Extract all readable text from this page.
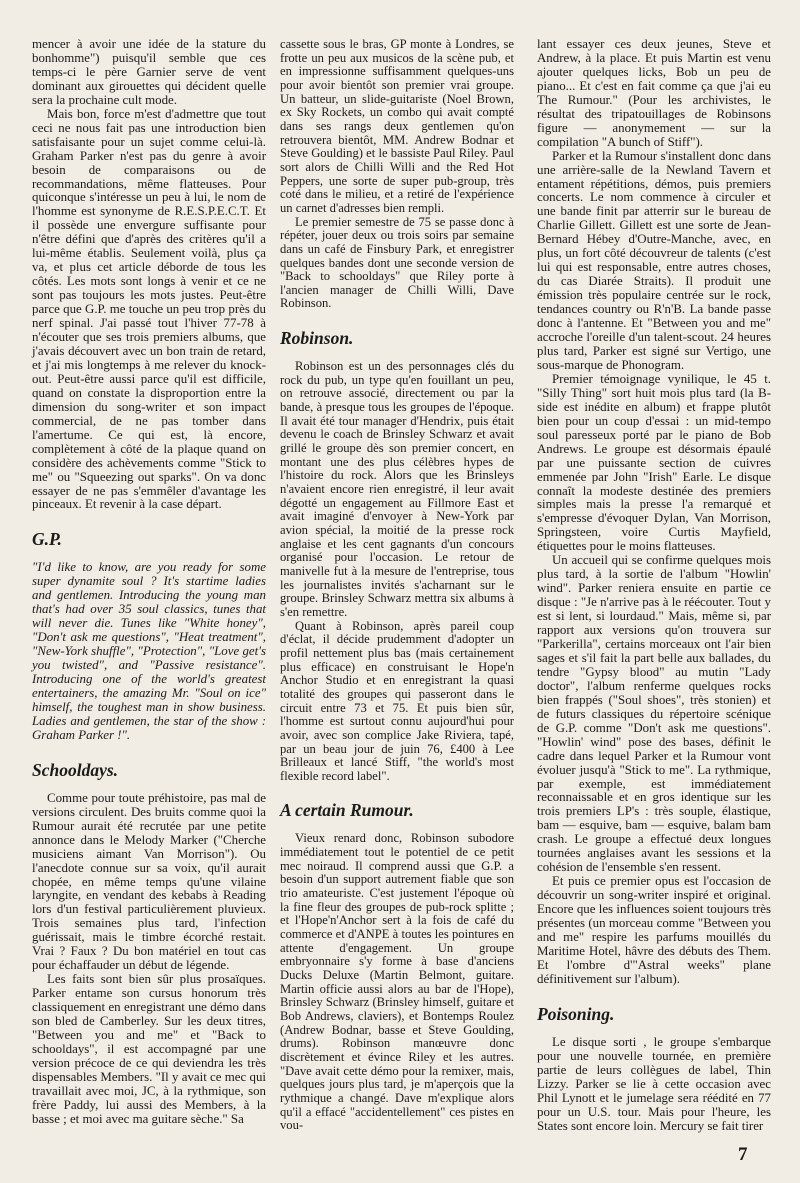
mencer à avoir une idée de la stature du bonhomme") puisqu'il semble que ces temps-ci le père Garnier serve de vent dominant aux girouettes qui décident quelle sera la prochaine cult mode.

Mais bon, force m'est d'admettre que tout ceci ne nous fait pas une introduction bien satisfaisante pour un sujet comme celui-là. Graham Parker n'est pas du genre à avoir besoin de comparaisons ou de recommandations, même flatteuses. Pour quiconque s'intéresse un peu à lui, le nom de l'homme est synonyme de R.E.S.P.E.C.T. Et il possède une envergure suffisante pour n'être défini que d'après des critères qu'il a lui-même établis. Seulement voilà, plus ça va, et plus cet article déborde de tous les côtés. Les mots sont longs à venir et ce ne sont pas toujours les mots justes. Peut-être parce que G.P. me touche un peu trop près du nerf spinal. J'ai passé tout l'hiver 77-78 à n'écouter que ses trois premiers albums, que j'avais découvert avec un bon train de retard, et j'ai mis longtemps à me relever du knock-out. Peut-être aussi parce qu'il est difficile, quand on constate la disproportion entre la dimension du song-writer et son impact commercial, de ne pas tomber dans l'amertume. Ce qui est, là encore, complètement à côté de la plaque quand on considère des achèvements comme "Stick to me" ou "Squeezing out sparks". On va donc essayer de ne pas s'emmêler d'avantage les pinceaux. Et revenir à la case départ.

G.P.

"I'd like to know, are you ready for some super dynamite soul ? It's startime ladies and gentlemen. Introducing the young man that's had over 35 soul classics, tunes that will never die. Tunes like "White honey", "Don't ask me questions", "Heat treatment", "New-York shuffle", "Protection", "Love get's you twisted", and "Passive resistance". Introducing one of the world's greatest entertainers, the amazing Mr. "Soul on ice" himself, the toughest man in show business. Ladies and gentlemen, the star of the show : Graham Parker !".

Schooldays.

Comme pour toute préhistoire, pas mal de versions circulent. Des bruits comme quoi la Rumour aurait été recrutée par une petite annonce dans le Melody Marker ("Cherche musiciens aimant Van Morrison"). Ou l'anecdote connue sur sa voix, qu'il aurait chopée, en même temps qu'une vilaine laryngite, en vendant des kebabs à Reading lors d'un festival particulièrement pluvieux. Trois semaines plus tard, l'infection guérissait, mais le timbre écorché restait. Vrai ? Faux ? Du bon matériel en tout cas pour échaffauder un début de légende.

Les faits sont bien sûr plus prosaïques. Parker entame son cursus honorum très classiquement en enregistrant une démo dans son bled de Camberley. Sur les deux titres, "Between you and me" et "Back to schooldays", il est accompagné par une version précoce de ce qui deviendra les très dispensables Members. "Il y avait ce mec qui travaillait avec moi, JC, à la rythmique, son frère Paddy, lui aussi des Members, à la basse ; et moi avec ma guitare sèche." Sa

cassette sous le bras, GP monte à Londres, se frotte un peu aux musicos de la scène pub, et en impressionne suffisamment quelques-uns pour avoir bientôt son premier vrai groupe. Un batteur, un slide-guitariste (Noel Brown, ex Sky Rockets, un combo qui avait compté dans ses rangs deux gentlemen qu'on retrouvera bientôt, MM. Andrew Bodnar et Steve Goulding) et le bassiste Paul Riley. Paul sort alors de Chilli Willi and the Red Hot Peppers, une sorte de super pub-group, très coté dans le milieu, et a retiré de l'expérience un carnet d'adresses bien rempli.

Le premier semestre de 75 se passe donc à répéter, jouer deux ou trois soirs par semaine dans un café de Finsbury Park, et enregistrer quelques bandes dont une seconde version de "Back to schooldays" que Riley porte à l'ancien manager de Chilli Willi, Dave Robinson.

Robinson.

Robinson est un des personnages clés du rock du pub, un type qu'en fouillant un peu, on retrouve associé, directement ou par la bande, à presque tous les groupes de l'époque. Il avait été tour manager d'Hendrix, puis était devenu le coach de Brinsley Schwarz et avait grillé le groupe dès son premier concert, en montant une des plus célèbres hypes de l'histoire du rock. Alors que les Brinsleys n'avaient encore rien enregistré, il leur avait dégotté un engagement au Fillmore East et avait imaginé d'envoyer à New-York par avion spécial, la moitié de la presse rock anglaise et les cent gagnants d'un concours organisé pour l'occasion. Le retour de manivelle fut à la mesure de l'entreprise, tous les journalistes invités s'acharnant sur le groupe. Brinsley Schwarz mettra six albums à s'en remettre.

Quant à Robinson, après pareil coup d'éclat, il décide prudemment d'adopter un profil nettement plus bas (mais certainement plus efficace) en construisant le Hope'n Anchor Studio et en enregistrant la quasi totalité des groupes qui passeront dans le circuit entre 73 et 75. Et puis bien sûr, l'homme est surtout connu aujourd'hui pour avoir, avec son complice Jake Riviera, tapé, par un beau jour de juin 76, £400 à Lee Brilleaux et lancé Stiff, "the world's most flexible record label".

A certain Rumour.

Vieux renard donc, Robinson subodore immédiatement tout le potentiel de ce petit mec noiraud. Il comprend aussi que G.P. a besoin d'un support autrement fiable que son trio amateuriste. C'est justement l'époque où la fine fleur des groupes de pub-rock splitte ; et l'Hope'n'Anchor sert à la fois de café du commerce et d'ANPE à toutes les pointures en attente d'engagement. Un groupe embryonnaire s'y forme à base d'anciens Ducks Deluxe (Martin Belmont, guitare. Martin officie aussi alors au bar de l'Hope), Brinsley Schwarz (Brinsley himself, guitare et Bob Andrews, claviers), et Bontemps Roulez (Andrew Bodnar, basse et Steve Goulding, drums). Robinson manœuvre donc discrètement et évince Riley et les autres. "Dave avait cette démo pour la remixer, mais, quelques jours plus tard, je m'aperçois que la rythmique a changé. Dave m'explique alors qu'il a effacé "accidentellement" ces pistes en vou-

lant essayer ces deux jeunes, Steve et Andrew, à la place. Et puis Martin est venu ajouter quelques licks, Bob un peu de piano... Et c'est en fait comme ça que j'ai eu The Rumour." (Pour les archivistes, le résultat des tripatouillages de Robinsons figure — anonymement — sur la compilation "A bunch of Stiff").

Parker et la Rumour s'installent donc dans une arrière-salle de la Newland Tavern et entament répétitions, démos, puis premiers concerts. Le nom commence à circuler et une bande finit par atterrir sur le bureau de Charlie Gillett. Gillett est une sorte de Jean-Bernard Hébey d'Outre-Manche, avec, en plus, un fort côté découvreur de talents (c'est lui qui est responsable, entre autres choses, du cas Diarée Straits). Il produit une émission très populaire centrée sur le rock, tendances country ou R'n'B. La bande passe donc à l'antenne. Et "Between you and me" accroche l'oreille d'un talent-scout. 24 heures plus tard, Parker est signé sur Vertigo, une sous-marque de Phonogram.

Premier témoignage vynilique, le 45 t. "Silly Thing" sort huit mois plus tard (la B-side est inédite en album) et frappe plutôt bien pour un coup d'essai : un mid-tempo soul paresseux porté par le piano de Bob Andrews. Le groupe est désormais épaulé par une puissante section de cuivres emmenée par John "Irish" Earle. Le disque connaît la modeste destinée des premiers simples mais la presse l'a remarqué et s'empresse d'évoquer Dylan, Van Morrison, Springsteen, voire Curtis Mayfield, étiquettes pour le moins flatteuses.

Un accueil qui se confirme quelques mois plus tard, à la sortie de l'album "Howlin' wind". Parker reniera ensuite en partie ce disque : "Je n'arrive pas à le réécouter. Tout y est si lent, si lourdaud." Mais, même si, par rapport aux versions qu'on trouvera sur "Parkerilla", certains morceaux ont l'air bien sages et s'il fait la part belle aux ballades, du tendre "Gypsy blood" au mutin "Lady doctor", l'album renferme quelques rocks bien frappés ("Soul shoes", très stonien) et de futurs classiques du répertoire scénique de G.P. comme "Don't ask me questions". "Howlin' wind" pose des bases, définit le cadre dans lequel Parker et la Rumour vont évoluer jusqu'à "Stick to me". La rythmique, par exemple, est immédiatement reconnaissable et en gros identique sur les trois premiers LP's : très souple, élastique, bam — esquive, bam — esquive, balam bam crash. Le groupe a effectué deux longues tournées anglaises avant les sessions et la cohésion de l'ensemble s'en ressent.

Et puis ce premier opus est l'occasion de découvrir un song-writer inspiré et original. Encore que les influences soient toujours très présentes (un morceau comme "Between you and me" respire les parfums mouillés du Maritime Hotel, hâvre des débuts des Them. Et l'ombre d'"Astral weeks" plane définitivement sur l'album).

Poisoning.

Le disque sorti , le groupe s'embarque pour une nouvelle tournée, en première partie de leurs collègues de label, Thin Lizzy. Parker se lie à cette occasion avec Phil Lynott et le jumelage sera réédité en 77 pour un U.S. tour. Mais pour l'heure, les States sont encore loin. Mercury se fait tirer

7
